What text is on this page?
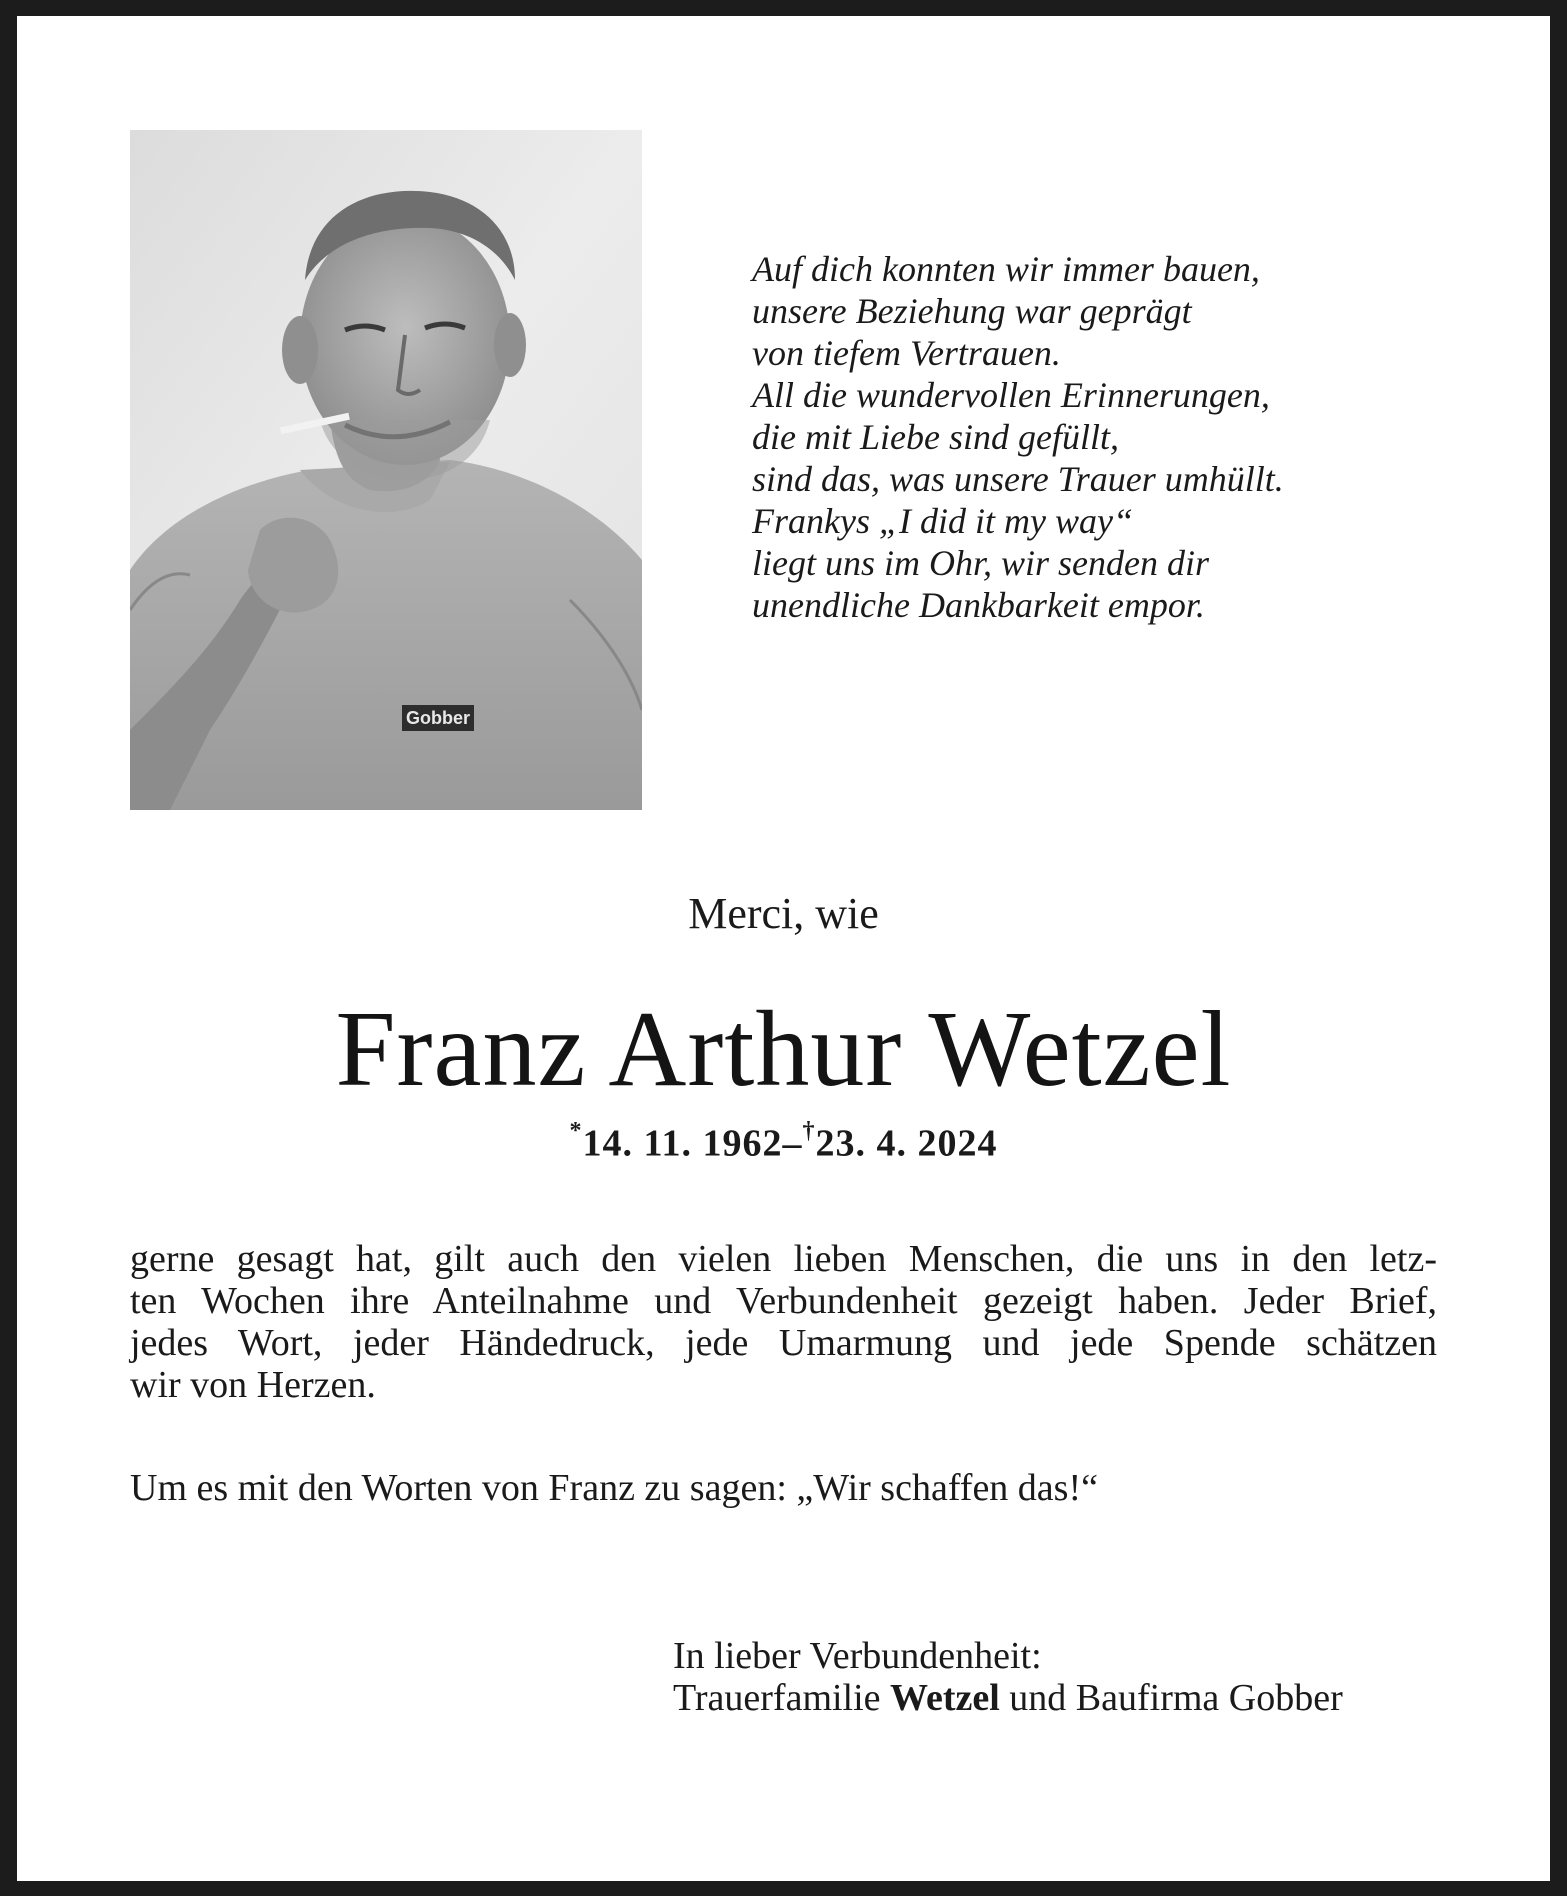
Gobber
Auf dich konnten wir immer bauen,
unsere Beziehung war geprägt
von tiefem Vertrauen.
All die wundervollen Erinnerungen,
die mit Liebe sind gefüllt,
sind das, was unsere Trauer umhüllt.
Frankys „I did it my way“
liegt uns im Ohr, wir senden dir
unendliche Dankbarkeit empor.
Merci, wie
Franz Arthur Wetzel
*14. 11. 1962–†23. 4. 2024
gerne gesagt hat, gilt auch den vielen lieben Menschen, die uns in den letz-
ten Wochen ihre Anteilnahme und Verbundenheit gezeigt haben. Jeder Brief,
jedes Wort, jeder Händedruck, jede Umarmung und jede Spende schätzen
wir von Herzen.
Um es mit den Worten von Franz zu sagen: „Wir schaffen das!“
In lieber Verbundenheit:
Trauerfamilie Wetzel und Baufirma Gobber
